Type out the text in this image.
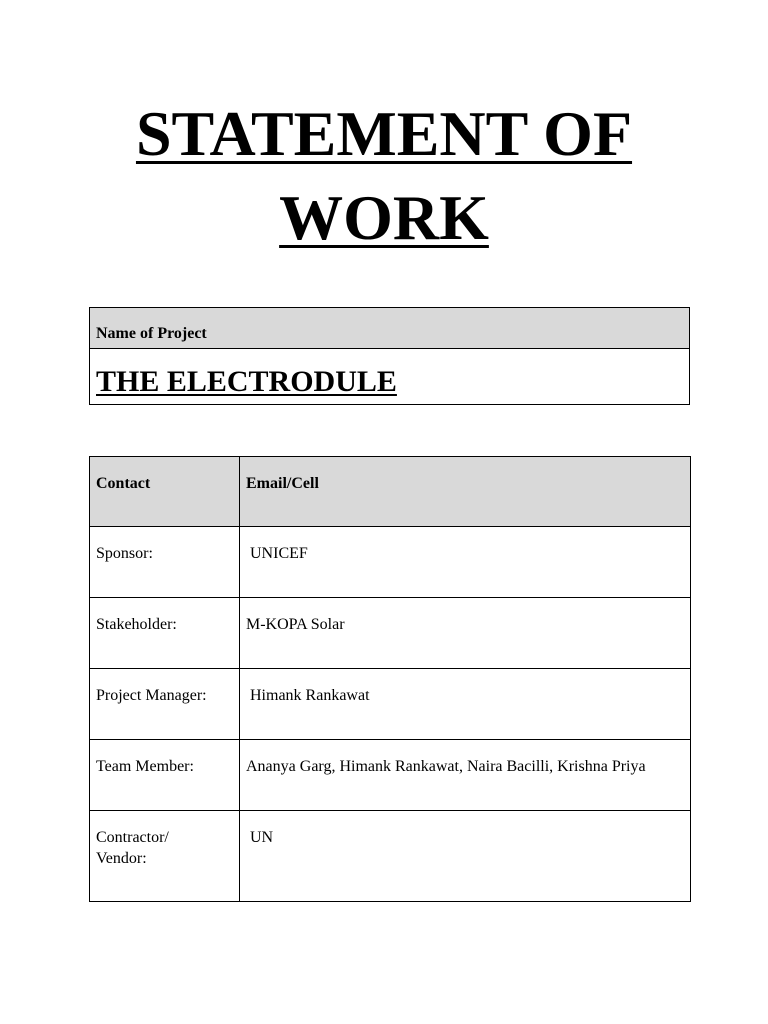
STATEMENT OF
WORK
Name of Project

THE ELECTRODULE
Contact	Email/Cell

Sponsor:	UNICEF

Stakeholder:	M-KOPA Solar

Project Manager:	Himank Rankawat

Team Member:	Ananya Garg, Himank Rankawat, Naira Bacilli, Krishna Priya

Contractor/ Vendor:	UN
